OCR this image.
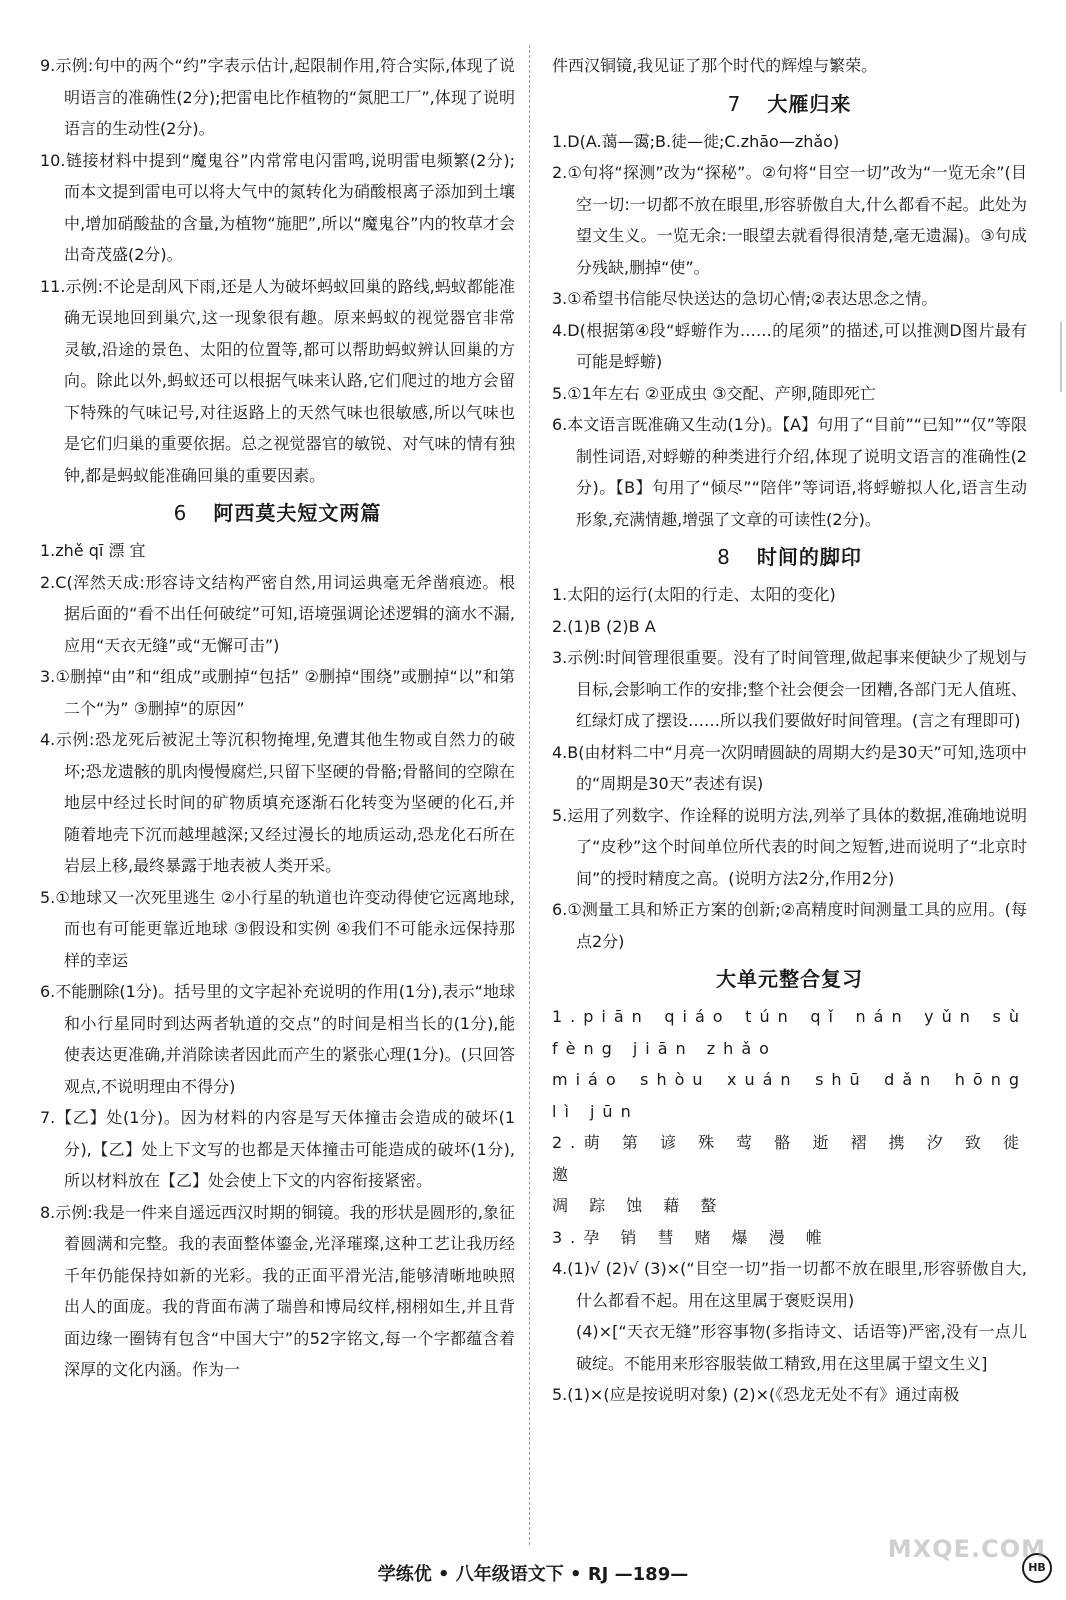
9.示例:句中的两个“约”字表示估计,起限制作用,符合实际,体现了说明语言的准确性(2分);把雷电比作植物的“氮肥工厂”,体现了说明语言的生动性(2分)。

10.链接材料中提到“魔鬼谷”内常常电闪雷鸣,说明雷电频繁(2分);而本文提到雷电可以将大气中的氮转化为硝酸根离子添加到土壤中,增加硝酸盐的含量,为植物“施肥”,所以“魔鬼谷”内的牧草才会出奇茂盛(2分)。

11.示例:不论是刮风下雨,还是人为破坏蚂蚁回巢的路线,蚂蚁都能准确无误地回到巢穴,这一现象很有趣。原来蚂蚁的视觉器官非常灵敏,沿途的景色、太阳的位置等,都可以帮助蚂蚁辨认回巢的方向。除此以外,蚂蚁还可以根据气味来认路,它们爬过的地方会留下特殊的气味记号,对往返路上的天然气味也很敏感,所以气味也是它们归巢的重要依据。总之视觉器官的敏锐、对气味的情有独钟,都是蚂蚁能准确回巢的重要因素。

6 阿西莫夫短文两篇

1.zhě qī 漂 宜

2.C(浑然天成:形容诗文结构严密自然,用词运典毫无斧凿痕迹。根据后面的“看不出任何破绽”可知,语境强调论述逻辑的滴水不漏,应用“天衣无缝”或“无懈可击”)

3.①删掉“由”和“组成”或删掉“包括” ②删掉“围绕”或删掉“以”和第二个“为” ③删掉“的原因”

4.示例:恐龙死后被泥土等沉积物掩埋,免遭其他生物或自然力的破坏;恐龙遗骸的肌肉慢慢腐烂,只留下坚硬的骨骼;骨骼间的空隙在地层中经过长时间的矿物质填充逐渐石化转变为坚硬的化石,并随着地壳下沉而越埋越深;又经过漫长的地质运动,恐龙化石所在岩层上移,最终暴露于地表被人类开采。

5.①地球又一次死里逃生 ②小行星的轨道也许变动得使它远离地球,而也有可能更靠近地球 ③假设和实例 ④我们不可能永远保持那样的幸运

6.不能删除(1分)。括号里的文字起补充说明的作用(1分),表示“地球和小行星同时到达两者轨道的交点”的时间是相当长的(1分),能使表达更准确,并消除读者因此而产生的紧张心理(1分)。(只回答观点,不说明理由不得分)

7.【乙】处(1分)。因为材料的内容是写天体撞击会造成的破坏(1分),【乙】处上下文写的也都是天体撞击可能造成的破坏(1分),所以材料放在【乙】处会使上下文的内容衔接紧密。

8.示例:我是一件来自遥远西汉时期的铜镜。我的形状是圆形的,象征着圆满和完整。我的表面整体鎏金,光泽璀璨,这种工艺让我历经千年仍能保持如新的光彩。我的正面平滑光洁,能够清晰地映照出人的面庞。我的背面布满了瑞兽和博局纹样,栩栩如生,并且背面边缘一圈铸有包含“中国大宁”的52字铭文,每一个字都蕴含着深厚的文化内涵。作为一

件西汉铜镜,我见证了那个时代的辉煌与繁荣。

7 大雁归来

1.D(A.蔼—霭;B.徒—徙;C.zhāo—zhǎo)

2.①句将“探测”改为“探秘”。②句将“目空一切”改为“一览无余”(目空一切:一切都不放在眼里,形容骄傲自大,什么都看不起。此处为望文生义。一览无余:一眼望去就看得很清楚,毫无遗漏)。③句成分残缺,删掉“使”。

3.①希望书信能尽快送达的急切心情;②表达思念之情。

4.D(根据第④段“蜉蝣作为……的尾须”的描述,可以推测D图片最有可能是蜉蝣)

5.①1年左右 ②亚成虫 ③交配、产卵,随即死亡

6.本文语言既准确又生动(1分)。【A】句用了“目前”“已知”“仅”等限制性词语,对蜉蝣的种类进行介绍,体现了说明文语言的准确性(2分)。【B】句用了“倾尽”“陪伴”等词语,将蜉蝣拟人化,语言生动形象,充满情趣,增强了文章的可读性(2分)。

8 时间的脚印

1.太阳的运行(太阳的行走、太阳的变化)

2.(1)B (2)B A

3.示例:时间管理很重要。没有了时间管理,做起事来便缺少了规划与目标,会影响工作的安排;整个社会便会一团糟,各部门无人值班、红绿灯成了摆设……所以我们要做好时间管理。(言之有理即可)

4.B(由材料二中“月亮一次阴晴圆缺的周期大约是30天”可知,选项中的“周期是30天”表述有误)

5.运用了列数字、作诠释的说明方法,列举了具体的数据,准确地说明了“皮秒”这个时间单位所代表的时间之短暂,进而说明了“北京时间”的授时精度之高。(说明方法2分,作用2分)

6.①测量工具和矫正方案的创新;②高精度时间测量工具的应用。(每点2分)

大单元整合复习

1.piān qiáo tún qǐ nán yǔn sù fèng jiān zhǎo

miáo shòu xuán shū dǎn hōng lì jūn

2.萌 第 谚 殊 莺 骼 逝 褶 携 汐 致 徙 邀

凋 踪 蚀 藉 螯

3.孕 销 彗 赌 爆 漫 帷

4.(1)√ (2)√ (3)×(“目空一切”指一切都不放在眼里,形容骄傲自大,什么都看不起。用在这里属于褒贬误用)

(4)×[“天衣无缝”形容事物(多指诗文、话语等)严密,没有一点儿破绽。不能用来形容服装做工精致,用在这里属于望文生义]

5.(1)×(应是按说明对象) (2)×(《恐龙无处不有》通过南极

学练优 • 八年级语文下 • RJ —189—	HB
MXQE.COM
